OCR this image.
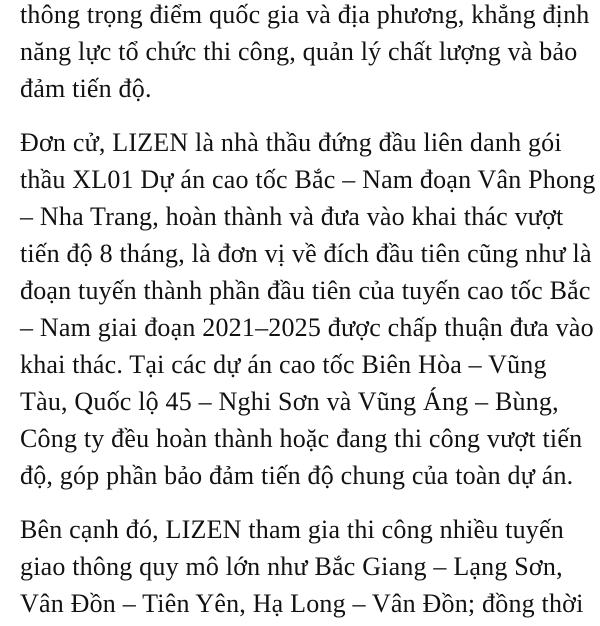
thông trọng điểm quốc gia và địa phương, khẳng định
năng lực tổ chức thi công, quản lý chất lượng và bảo
đảm tiến độ.
Đơn cử, LIZEN là nhà thầu đứng đầu liên danh gói
thầu XL01 Dự án cao tốc Bắc – Nam đoạn Vân Phong
– Nha Trang, hoàn thành và đưa vào khai thác vượt
tiến độ 8 tháng, là đơn vị về đích đầu tiên cũng như là
đoạn tuyến thành phần đầu tiên của tuyến cao tốc Bắc
– Nam giai đoạn 2021–2025 được chấp thuận đưa vào
khai thác. Tại các dự án cao tốc Biên Hòa – Vũng
Tàu, Quốc lộ 45 – Nghi Sơn và Vũng Áng – Bùng,
Công ty đều hoàn thành hoặc đang thi công vượt tiến
độ, góp phần bảo đảm tiến độ chung của toàn dự án.
Bên cạnh đó, LIZEN tham gia thi công nhiều tuyến
giao thông quy mô lớn như Bắc Giang – Lạng Sơn,
Vân Đồn – Tiên Yên, Hạ Long – Vân Đồn; đồng thời
